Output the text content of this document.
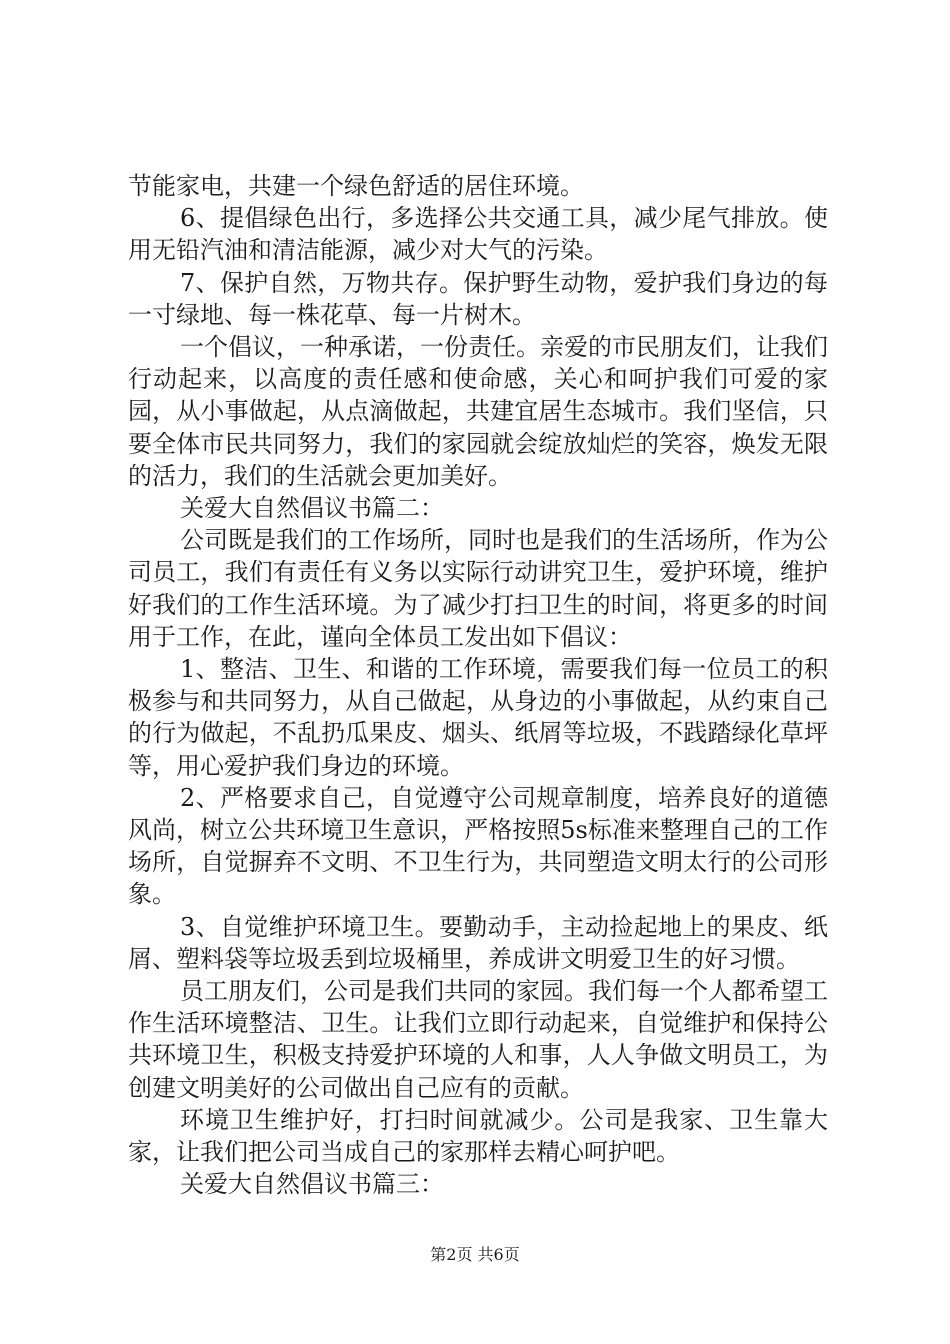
节能家电，共建一个绿色舒适的居住环境。

6、提倡绿色出行，多选择公共交通工具，减少尾气排放。使用无铅汽油和清洁能源，减少对大气的污染。

7、保护自然，万物共存。保护野生动物，爱护我们身边的每一寸绿地、每一株花草、每一片树木。

一个倡议，一种承诺，一份责任。亲爱的市民朋友们，让我们行动起来，以高度的责任感和使命感，关心和呵护我们可爱的家园，从小事做起，从点滴做起，共建宜居生态城市。我们坚信，只要全体市民共同努力，我们的家园就会绽放灿烂的笑容，焕发无限的活力，我们的生活就会更加美好。

关爱大自然倡议书篇二：

公司既是我们的工作场所，同时也是我们的生活场所，作为公司员工，我们有责任有义务以实际行动讲究卫生，爱护环境，维护好我们的工作生活环境。为了减少打扫卫生的时间，将更多的时间用于工作，在此，谨向全体员工发出如下倡议：

1、整洁、卫生、和谐的工作环境，需要我们每一位员工的积极参与和共同努力，从自己做起，从身边的小事做起，从约束自己的行为做起，不乱扔瓜果皮、烟头、纸屑等垃圾，不践踏绿化草坪等，用心爱护我们身边的环境。

2、严格要求自己，自觉遵守公司规章制度，培养良好的道德风尚，树立公共环境卫生意识，严格按照5s标准来整理自己的工作场所，自觉摒弃不文明、不卫生行为，共同塑造文明太行的公司形象。

3、自觉维护环境卫生。要勤动手，主动捡起地上的果皮、纸屑、塑料袋等垃圾丢到垃圾桶里，养成讲文明爱卫生的好习惯。

员工朋友们，公司是我们共同的家园。我们每一个人都希望工作生活环境整洁、卫生。让我们立即行动起来，自觉维护和保持公共环境卫生，积极支持爱护环境的人和事，人人争做文明员工，为创建文明美好的公司做出自己应有的贡献。

环境卫生维护好，打扫时间就减少。公司是我家、卫生靠大家，让我们把公司当成自己的家那样去精心呵护吧。

关爱大自然倡议书篇三：

第2页 共6页
